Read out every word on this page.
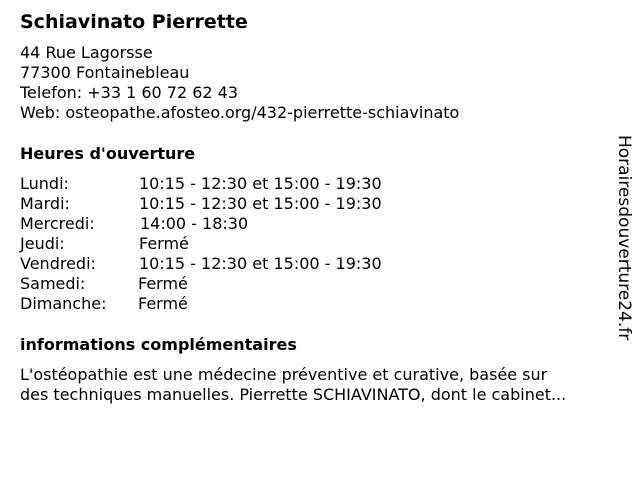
Schiavinato Pierrette
44 Rue Lagorsse
77300 Fontainebleau
Telefon: +33 1 60 72 62 43
Web: osteopathe.afosteo.org/432-pierrette-schiavinato
Heures d'ouverture
Lundi:	10:15 - 12:30 et 15:00 - 19:30
Mardi:	10:15 - 12:30 et 15:00 - 19:30
Mercredi:	14:00 - 18:30
Jeudi:	Fermé
Vendredi:	10:15 - 12:30 et 15:00 - 19:30
Samedi:	Fermé
Dimanche: Fermé
informations complémentaires
L'ostéopathie est une médecine préventive et curative, basée sur
des techniques manuelles. Pierrette SCHIAVINATO, dont le cabinet...
Horairesdouverture24.fr
